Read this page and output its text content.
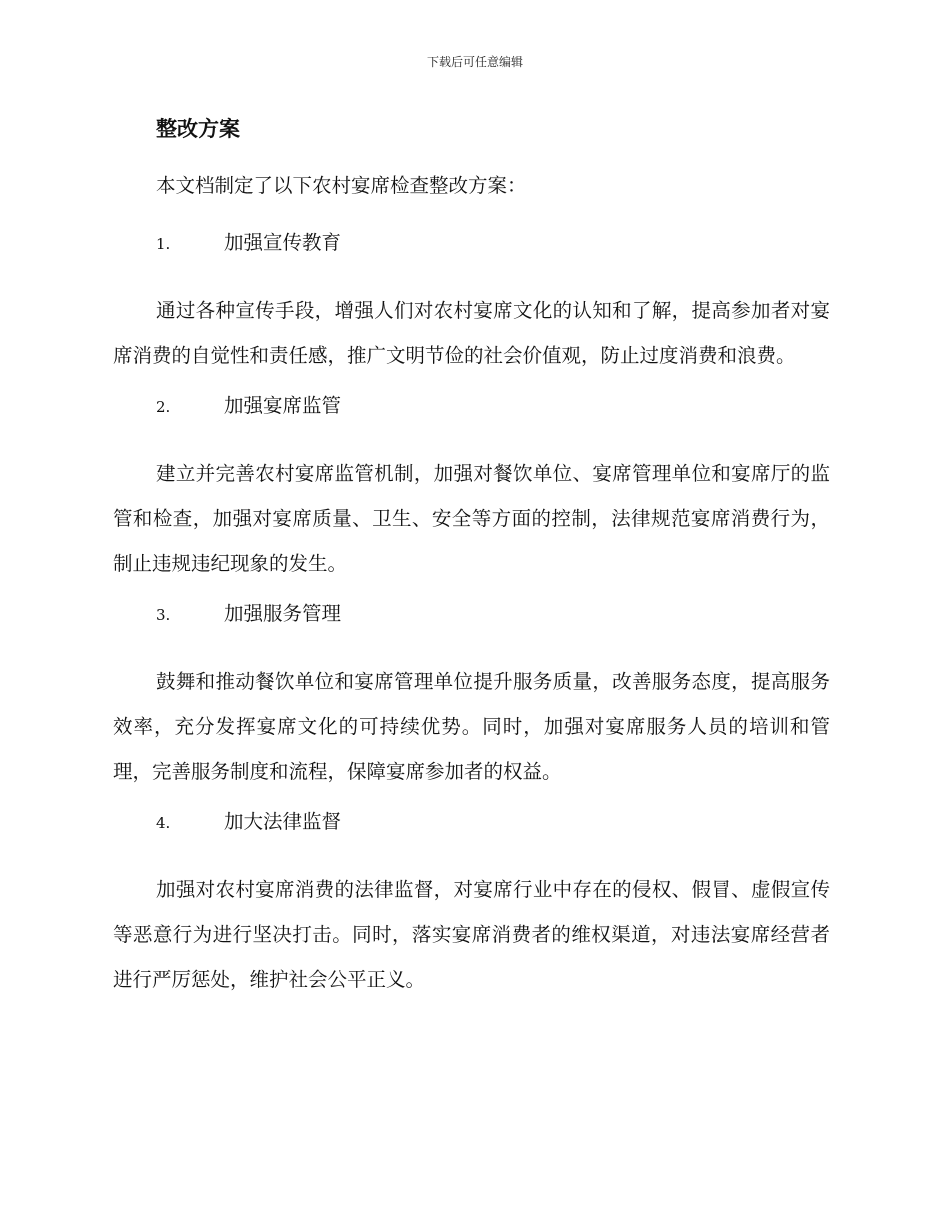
下载后可任意编辑
整改方案

本文档制定了以下农村宴席检查整改方案：

1.	加强宣传教育

通过各种宣传手段，增强人们对农村宴席文化的认知和了解，提高参加者对宴席消费的自觉性和责任感，推广文明节俭的社会价值观，防止过度消费和浪费。

2.	加强宴席监管

建立并完善农村宴席监管机制，加强对餐饮单位、宴席管理单位和宴席厅的监管和检查，加强对宴席质量、卫生、安全等方面的控制，法律规范宴席消费行为，制止违规违纪现象的发生。

3.	加强服务管理

鼓舞和推动餐饮单位和宴席管理单位提升服务质量，改善服务态度，提高服务效率，充分发挥宴席文化的可持续优势。同时，加强对宴席服务人员的培训和管理，完善服务制度和流程，保障宴席参加者的权益。

4.	加大法律监督

加强对农村宴席消费的法律监督，对宴席行业中存在的侵权、假冒、虚假宣传等恶意行为进行坚决打击。同时，落实宴席消费者的维权渠道，对违法宴席经营者进行严厉惩处，维护社会公平正义。
